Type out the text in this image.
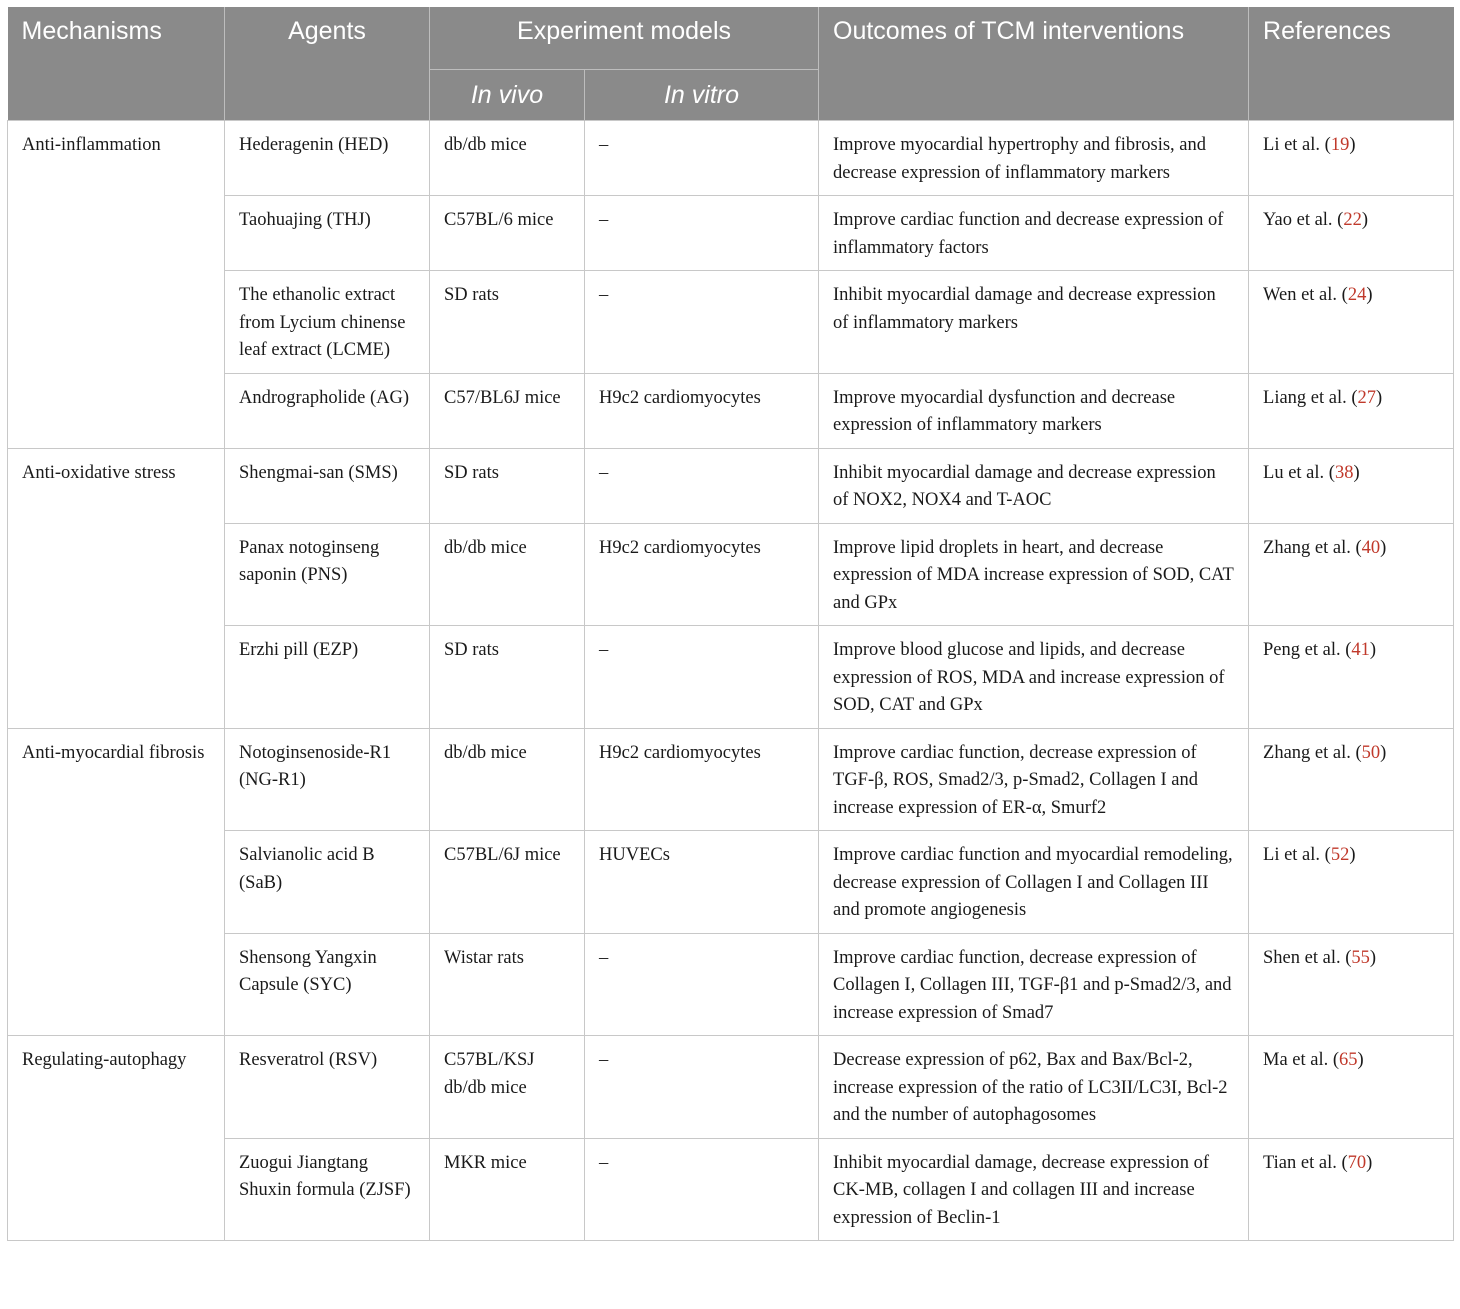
Mechanisms	Agents	Experiment models		Outcomes of TCM interventions	References
		In vivo	In vitro		
Anti-inflammation	Hederagenin (HED)	db/db mice	–	Improve myocardial hypertrophy and fibrosis, and decrease expression of inflammatory markers	Li et al. (19)
	Taohuajing (THJ)	C57BL/6 mice	–	Improve cardiac function and decrease expression of inflammatory factors	Yao et al. (22)
	The ethanolic extract from Lycium chinense leaf extract (LCME)	SD rats	–	Inhibit myocardial damage and decrease expression of inflammatory markers	Wen et al. (24)
	Andrographolide (AG)	C57/BL6J mice	H9c2 cardiomyocytes	Improve myocardial dysfunction and decrease expression of inflammatory markers	Liang et al. (27)
Anti-oxidative stress	Shengmai-san (SMS)	SD rats	–	Inhibit myocardial damage and decrease expression of NOX2, NOX4 and T-AOC	Lu et al. (38)
	Panax notoginseng saponin (PNS)	db/db mice	H9c2 cardiomyocytes	Improve lipid droplets in heart, and decrease expression of MDA increase expression of SOD, CAT and GPx	Zhang et al. (40)
	Erzhi pill (EZP)	SD rats	–	Improve blood glucose and lipids, and decrease expression of ROS, MDA and increase expression of SOD, CAT and GPx	Peng et al. (41)
Anti-myocardial fibrosis	Notoginsenoside-R1 (NG-R1)	db/db mice	H9c2 cardiomyocytes	Improve cardiac function, decrease expression of TGF-β, ROS, Smad2/3, p-Smad2, Collagen I and increase expression of ER-α, Smurf2	Zhang et al. (50)
	Salvianolic acid B (SaB)	C57BL/6J mice	HUVECs	Improve cardiac function and myocardial remodeling, decrease expression of Collagen I and Collagen III and promote angiogenesis	Li et al. (52)
	Shensong Yangxin Capsule (SYC)	Wistar rats	–	Improve cardiac function, decrease expression of Collagen I, Collagen III, TGF-β1 and p-Smad2/3, and increase expression of Smad7	Shen et al. (55)
Regulating-autophagy	Resveratrol (RSV)	C57BL/KSJ db/db mice	–	Decrease expression of p62, Bax and Bax/Bcl-2, increase expression of the ratio of LC3II/LC3I, Bcl-2 and the number of autophagosomes	Ma et al. (65)
	Zuogui Jiangtang Shuxin formula (ZJSF)	MKR mice	–	Inhibit myocardial damage, decrease expression of CK-MB, collagen I and collagen III and increase expression of Beclin-1	Tian et al. (70)
